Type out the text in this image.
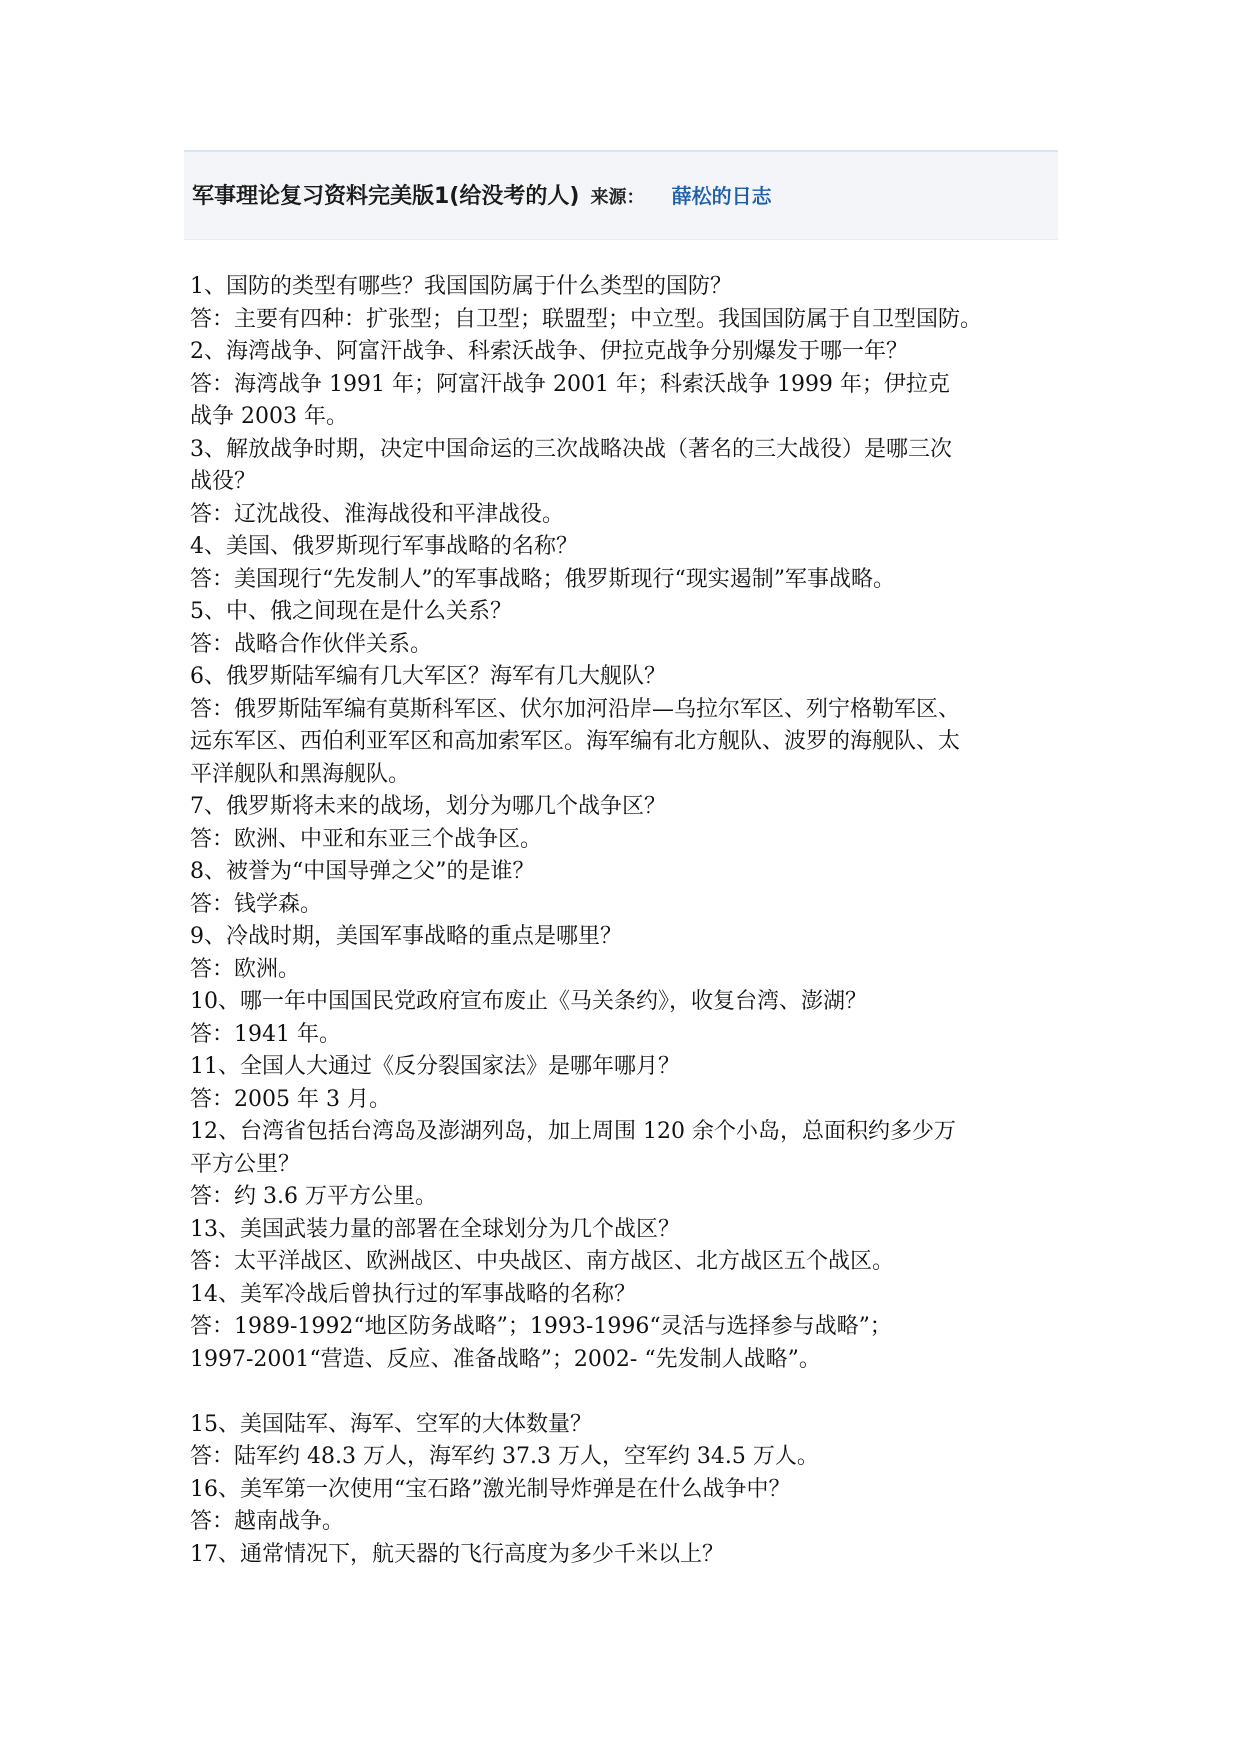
军事理论复习资料完美版1(给没考的人) 来源： 薛松的日志
1、国防的类型有哪些？我国国防属于什么类型的国防？
答：主要有四种：扩张型；自卫型；联盟型；中立型。我国国防属于自卫型国防。
2、海湾战争、阿富汗战争、科索沃战争、伊拉克战争分别爆发于哪一年？
答：海湾战争 1991 年；阿富汗战争 2001 年；科索沃战争 1999 年；伊拉克
战争 2003 年。
3、解放战争时期，决定中国命运的三次战略决战（著名的三大战役）是哪三次
战役？
答：辽沈战役、淮海战役和平津战役。
4、美国、俄罗斯现行军事战略的名称？
答：美国现行“先发制人”的军事战略；俄罗斯现行“现实遏制”军事战略。
5、中、俄之间现在是什么关系？
答：战略合作伙伴关系。
6、俄罗斯陆军编有几大军区？海军有几大舰队？
答：俄罗斯陆军编有莫斯科军区、伏尔加河沿岸—乌拉尔军区、列宁格勒军区、
远东军区、西伯利亚军区和高加索军区。海军编有北方舰队、波罗的海舰队、太
平洋舰队和黑海舰队。
7、俄罗斯将未来的战场，划分为哪几个战争区？
答：欧洲、中亚和东亚三个战争区。
8、被誉为“中国导弹之父”的是谁？
答：钱学森。
9、冷战时期，美国军事战略的重点是哪里？
答：欧洲。
10、哪一年中国国民党政府宣布废止《马关条约》，收复台湾、澎湖？
答：1941 年。
11、全国人大通过《反分裂国家法》是哪年哪月？
答：2005 年 3 月。
12、台湾省包括台湾岛及澎湖列岛，加上周围 120 余个小岛，总面积约多少万
平方公里？
答：约 3.6 万平方公里。
13、美国武装力量的部署在全球划分为几个战区？
答：太平洋战区、欧洲战区、中央战区、南方战区、北方战区五个战区。
14、美军冷战后曾执行过的军事战略的名称？
答：1989-1992“地区防务战略”；1993-1996“灵活与选择参与战略”；
1997-2001“营造、反应、准备战略”；2002- “先发制人战略”。
15、美国陆军、海军、空军的大体数量？
答：陆军约 48.3 万人，海军约 37.3 万人，空军约 34.5 万人。
16、美军第一次使用“宝石路”激光制导炸弹是在什么战争中？
答：越南战争。
17、通常情况下，航天器的飞行高度为多少千米以上？
